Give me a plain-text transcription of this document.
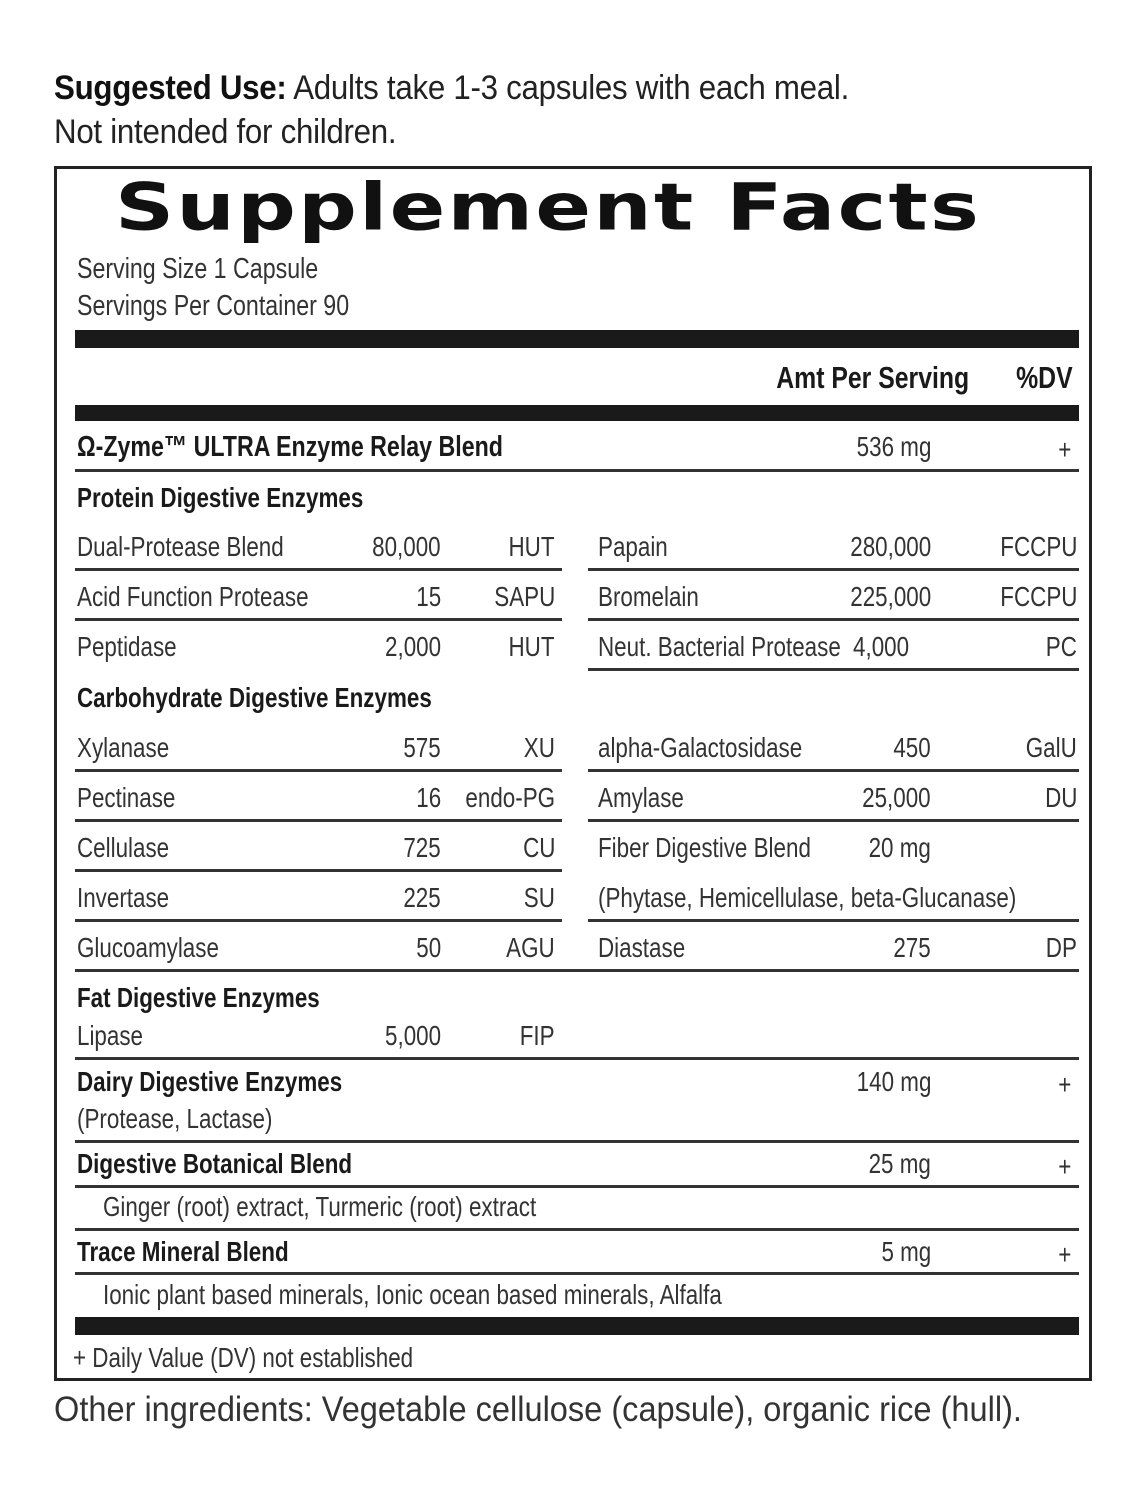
Suggested Use: Adults take 1-3 capsules with each meal.
Not intended for children.
Supplement Facts
Serving Size 1 Capsule
Servings Per Container 90
Amt Per Serving %DV
Ω-Zyme™ ULTRA Enzyme Relay Blend	536 mg	+
Protein Digestive Enzymes
Dual-Protease Blend	80,000 HUT Papain	280,000 FCCPU
Acid Function Protease	15 SAPU Bromelain	225,000 FCCPU
Peptidase	2,000 HUT Neut. Bacterial Protease 4,000	PC
Carbohydrate Digestive Enzymes
Xylanase	575	XU alpha-Galactosidase	450	GalU
Pectinase	16 endo-PG Amylase	25,000	DU
Cellulase	725	CU Fiber Digestive Blend 20 mg
Invertase	225	SU (Phytase, Hemicellulase, beta-Glucanase)
Glucoamylase	50 AGU Diastase	275	DP
Fat Digestive Enzymes
Lipase	5,000	FIP
Dairy Digestive Enzymes	140 mg	+
(Protease, Lactase)
Digestive Botanical Blend	25 mg	+
Ginger (root) extract, Turmeric (root) extract
Trace Mineral Blend	5 mg	+
Ionic plant based minerals, Ionic ocean based minerals, Alfalfa
+ Daily Value (DV) not established
Other ingredients: Vegetable cellulose (capsule), organic rice (hull).
